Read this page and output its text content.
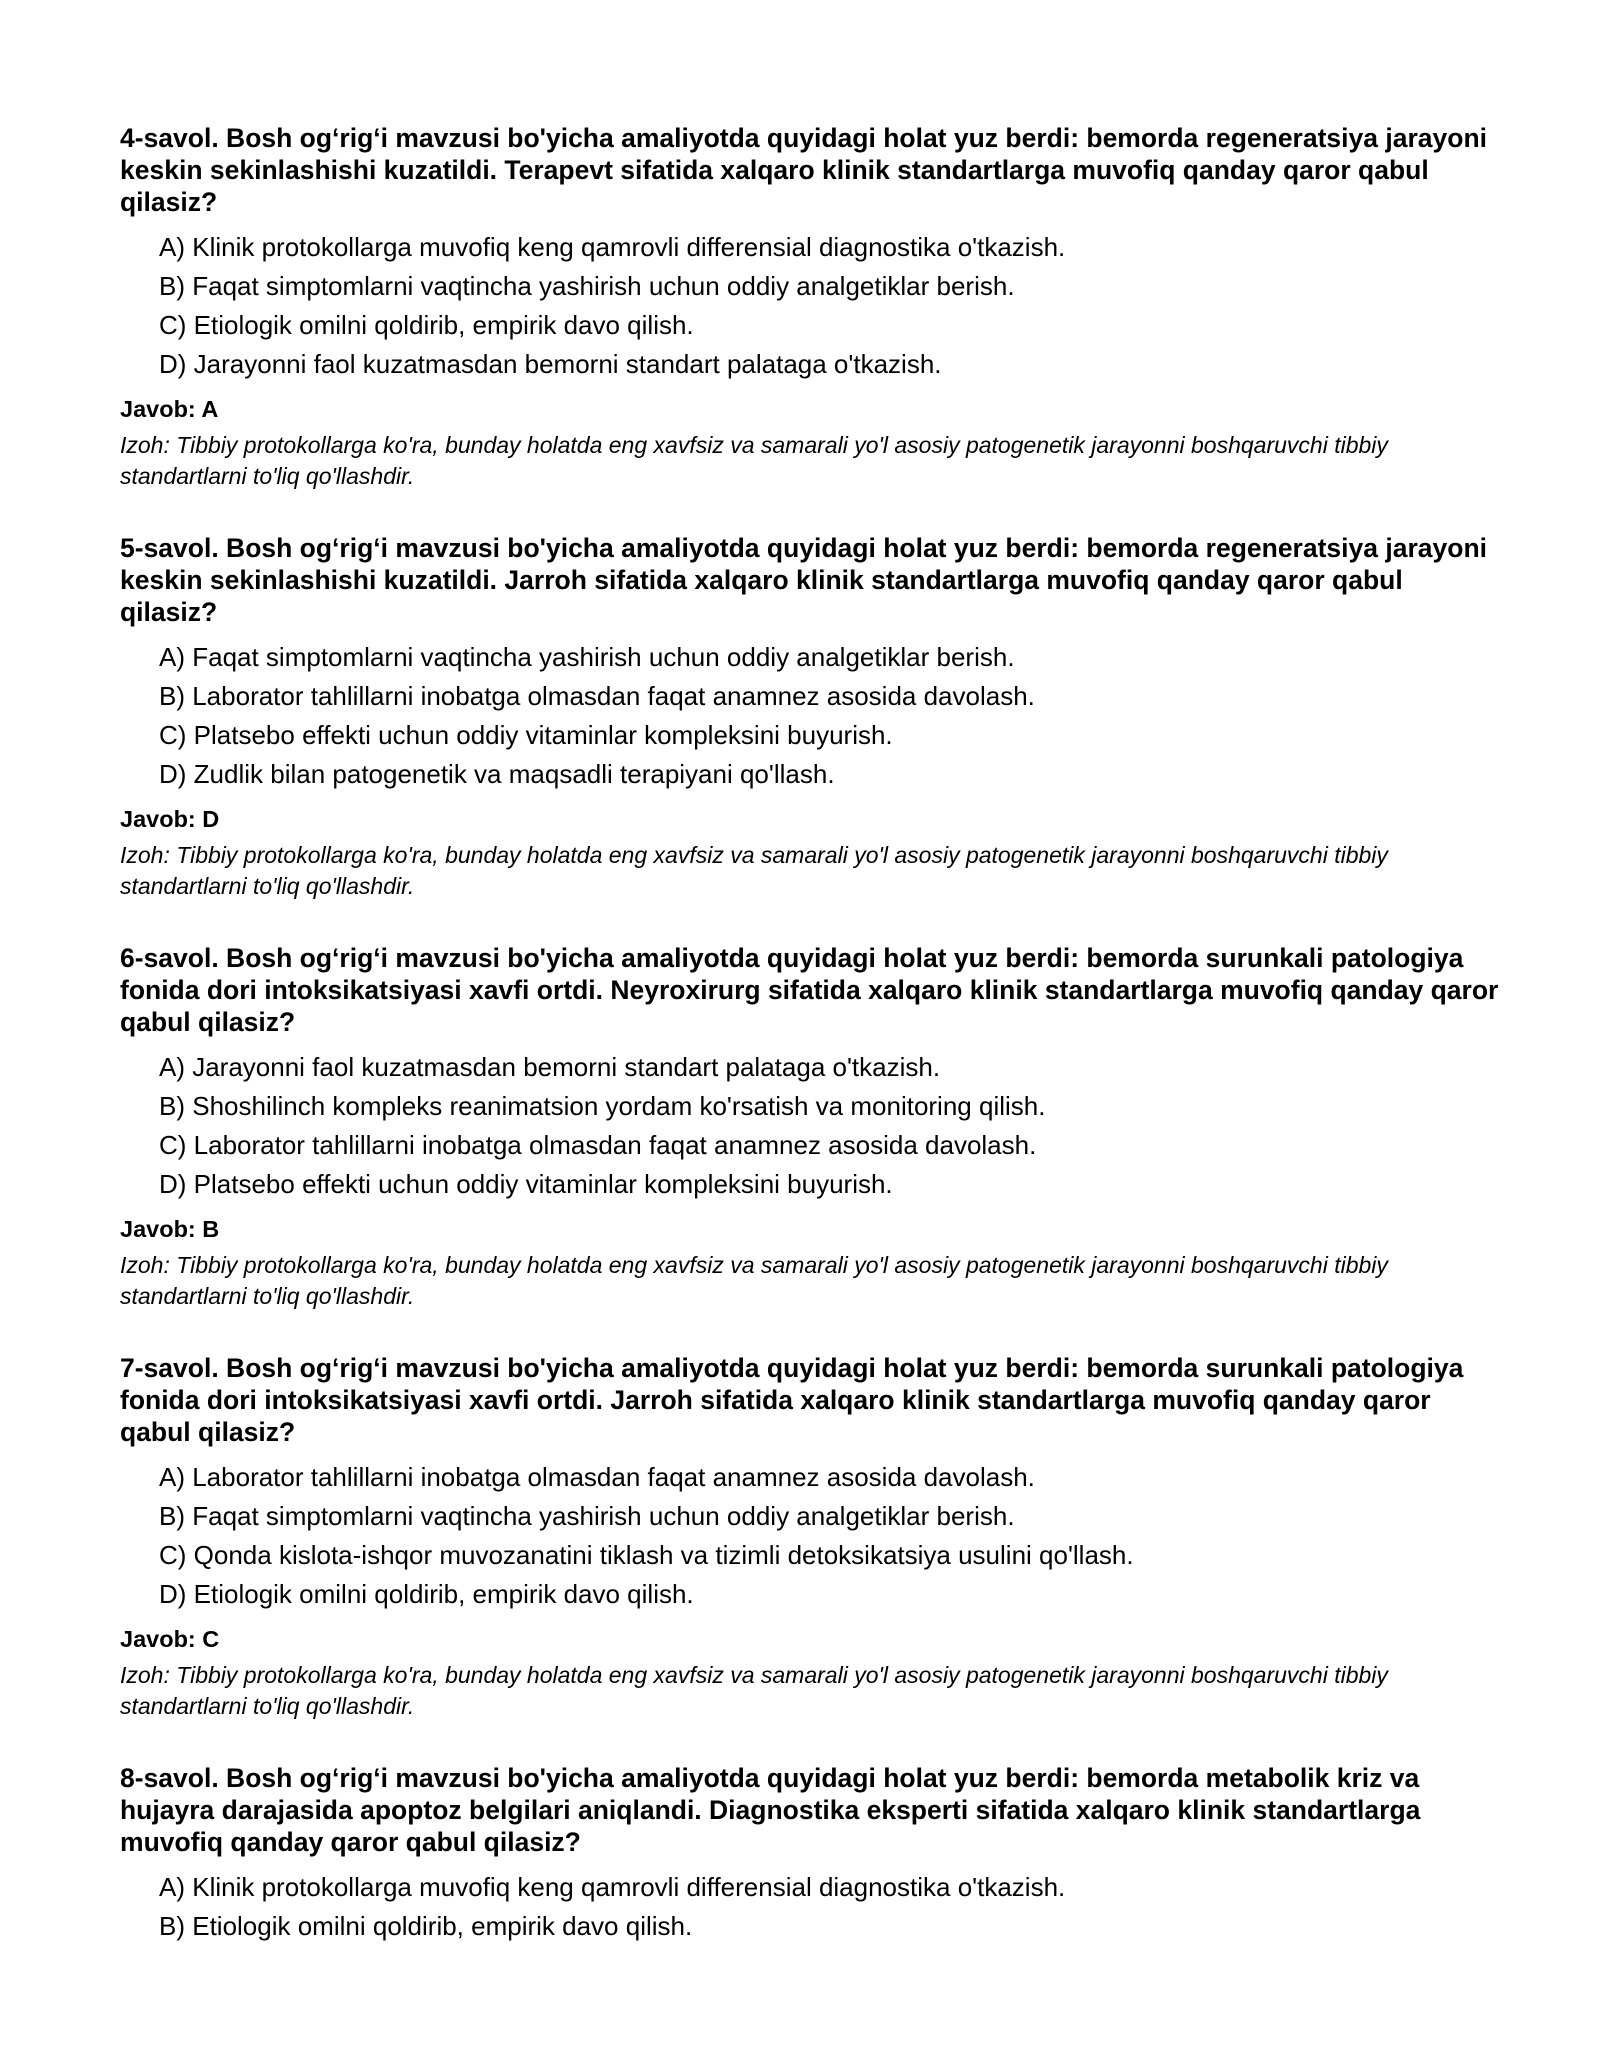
4-savol. Bosh og‘rig‘i mavzusi bo'yicha amaliyotda quyidagi holat yuz berdi: bemorda regeneratsiya jarayoni keskin sekinlashishi kuzatildi. Terapevt sifatida xalqaro klinik standartlarga muvofiq qanday qaror qabul qilasiz?
A) Klinik protokollarga muvofiq keng qamrovli differensial diagnostika o'tkazish.
B) Faqat simptomlarni vaqtincha yashirish uchun oddiy analgetiklar berish.
C) Etiologik omilni qoldirib, empirik davo qilish.
D) Jarayonni faol kuzatmasdan bemorni standart palataga o'tkazish.
Javob: A
Izoh: Tibbiy protokollarga ko'ra, bunday holatda eng xavfsiz va samarali yo'l asosiy patogenetik jarayonni boshqaruvchi tibbiy standartlarni to'liq qo'llashdir.
5-savol. Bosh og‘rig‘i mavzusi bo'yicha amaliyotda quyidagi holat yuz berdi: bemorda regeneratsiya jarayoni keskin sekinlashishi kuzatildi. Jarroh sifatida xalqaro klinik standartlarga muvofiq qanday qaror qabul qilasiz?
A) Faqat simptomlarni vaqtincha yashirish uchun oddiy analgetiklar berish.
B) Laborator tahlillarni inobatga olmasdan faqat anamnez asosida davolash.
C) Platsebo effekti uchun oddiy vitaminlar kompleksini buyurish.
D) Zudlik bilan patogenetik va maqsadli terapiyani qo'llash.
Javob: D
Izoh: Tibbiy protokollarga ko'ra, bunday holatda eng xavfsiz va samarali yo'l asosiy patogenetik jarayonni boshqaruvchi tibbiy standartlarni to'liq qo'llashdir.
6-savol. Bosh og‘rig‘i mavzusi bo'yicha amaliyotda quyidagi holat yuz berdi: bemorda surunkali patologiya fonida dori intoksikatsiyasi xavfi ortdi. Neyroxirurg sifatida xalqaro klinik standartlarga muvofiq qanday qaror qabul qilasiz?
A) Jarayonni faol kuzatmasdan bemorni standart palataga o'tkazish.
B) Shoshilinch kompleks reanimatsion yordam ko'rsatish va monitoring qilish.
C) Laborator tahlillarni inobatga olmasdan faqat anamnez asosida davolash.
D) Platsebo effekti uchun oddiy vitaminlar kompleksini buyurish.
Javob: B
Izoh: Tibbiy protokollarga ko'ra, bunday holatda eng xavfsiz va samarali yo'l asosiy patogenetik jarayonni boshqaruvchi tibbiy standartlarni to'liq qo'llashdir.
7-savol. Bosh og‘rig‘i mavzusi bo'yicha amaliyotda quyidagi holat yuz berdi: bemorda surunkali patologiya fonida dori intoksikatsiyasi xavfi ortdi. Jarroh sifatida xalqaro klinik standartlarga muvofiq qanday qaror qabul qilasiz?
A) Laborator tahlillarni inobatga olmasdan faqat anamnez asosida davolash.
B) Faqat simptomlarni vaqtincha yashirish uchun oddiy analgetiklar berish.
C) Qonda kislota-ishqor muvozanatini tiklash va tizimli detoksikatsiya usulini qo'llash.
D) Etiologik omilni qoldirib, empirik davo qilish.
Javob: C
Izoh: Tibbiy protokollarga ko'ra, bunday holatda eng xavfsiz va samarali yo'l asosiy patogenetik jarayonni boshqaruvchi tibbiy standartlarni to'liq qo'llashdir.
8-savol. Bosh og‘rig‘i mavzusi bo'yicha amaliyotda quyidagi holat yuz berdi: bemorda metabolik kriz va hujayra darajasida apoptoz belgilari aniqlandi. Diagnostika eksperti sifatida xalqaro klinik standartlarga muvofiq qanday qaror qabul qilasiz?
A) Klinik protokollarga muvofiq keng qamrovli differensial diagnostika o'tkazish.
B) Etiologik omilni qoldirib, empirik davo qilish.
